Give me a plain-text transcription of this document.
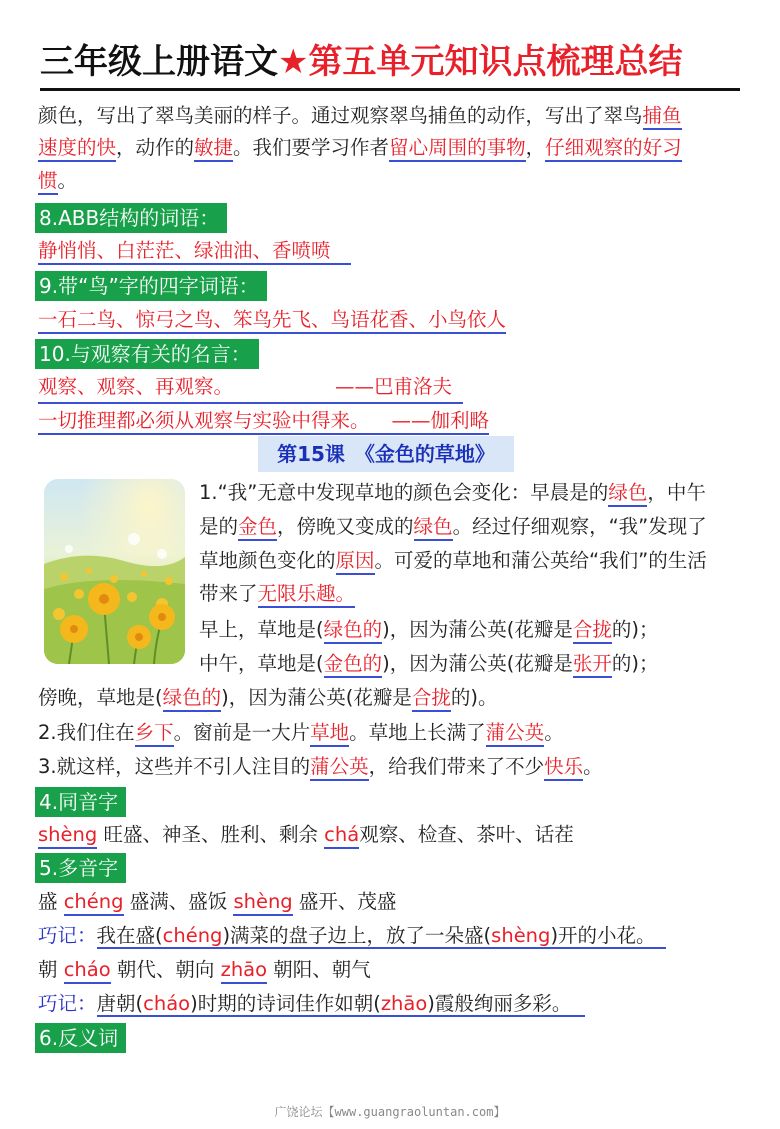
三年级上册语文★第五单元知识点梳理总结
颜色，写出了翠鸟美丽的样子。通过观察翠鸟捕鱼的动作，写出了翠鸟捕鱼
速度的快，动作的敏捷。我们要学习作者留心周围的事物，仔细观察的好习
惯。
8.ABB结构的词语：
静悄悄、白茫茫、绿油油、香喷喷
9.带“鸟”字的四字词语：
一石二鸟、惊弓之鸟、笨鸟先飞、鸟语花香、小鸟依人
10.与观察有关的名言：
观察、观察、再观察。	——巴甫洛夫
一切推理都必须从观察与实验中得来。 ——伽利略
第15课　《金色的草地》
1.“我”无意中发现草地的颜色会变化：早晨是的绿色，中午
是的金色，傍晚又变成的绿色。经过仔细观察，“我”发现了
草地颜色变化的原因。可爱的草地和蒲公英给“我们”的生活
带来了无限乐趣。
早上，草地是(绿色的)，因为蒲公英(花瓣是合拢的)；
中午，草地是(金色的)，因为蒲公英(花瓣是张开的)；
傍晚，草地是(绿色的)，因为蒲公英(花瓣是合拢的)。
2.我们住在乡下。窗前是一大片草地。草地上长满了蒲公英。
3.就这样，这些并不引人注目的蒲公英，给我们带来了不少快乐。
4.同音字
shèng 旺盛、神圣、胜利、剩余 chá观察、检查、茶叶、话茬
5.多音字
盛 chéng 盛满、盛饭 shèng 盛开、茂盛
巧记：我在盛(chéng)满菜的盘子边上，放了一朵盛(shèng)开的小花。
朝 cháo 朝代、朝向 zhāo 朝阳、朝气
巧记：唐朝(cháo)时期的诗词佳作如朝(zhāo)霞般绚丽多彩。
6.反义词
广饶论坛【www.guangraoluntan.com】
